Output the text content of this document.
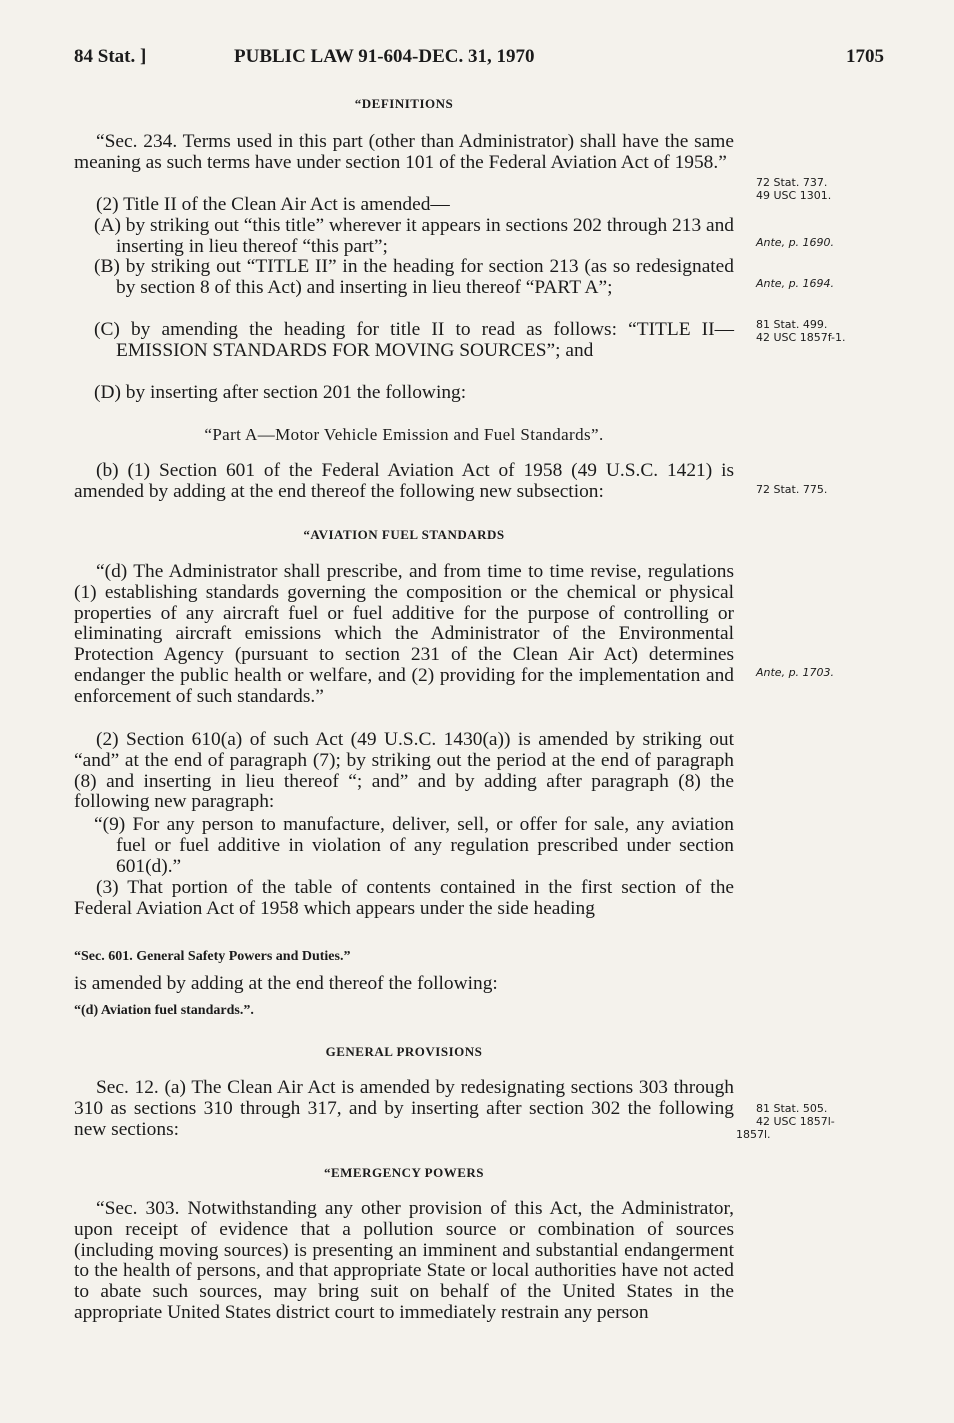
84 Stat. ]	PUBLIC LAW 91-604-DEC. 31, 1970	1705

“DEFINITIONS

“Sec. 234. Terms used in this part (other than Administrator) shall have the same meaning as such terms have under section 101 of the Federal Aviation Act of 1958.”

(2) Title II of the Clean Air Act is amended—

(A) by striking out “this title” wherever it appears in sections 202 through 213 and inserting in lieu thereof “this part”;

(B) by striking out “TITLE II” in the heading for section 213 (as so redesignated by section 8 of this Act) and inserting in lieu thereof “PART A”;

(C) by amending the heading for title II to read as follows: “TITLE II—EMISSION STANDARDS FOR MOVING SOURCES”; and

(D) by inserting after section 201 the following:

“Part A—Motor Vehicle Emission and Fuel Standards”.

(b) (1) Section 601 of the Federal Aviation Act of 1958 (49 U.S.C. 1421) is amended by adding at the end thereof the following new subsection:

“AVIATION FUEL STANDARDS

“(d) The Administrator shall prescribe, and from time to time revise, regulations (1) establishing standards governing the composition or the chemical or physical properties of any aircraft fuel or fuel additive for the purpose of controlling or eliminating aircraft emissions which the Administrator of the Environmental Protection Agency (pursuant to section 231 of the Clean Air Act) determines endanger the public health or welfare, and (2) providing for the implementation and enforcement of such standards.”

(2) Section 610(a) of such Act (49 U.S.C. 1430(a)) is amended by striking out “and” at the end of paragraph (7); by striking out the period at the end of paragraph (8) and inserting in lieu thereof “; and” and by adding after paragraph (8) the following new paragraph:

“(9) For any person to manufacture, deliver, sell, or offer for sale, any aviation fuel or fuel additive in violation of any regulation prescribed under section 601(d).”

(3) That portion of the table of contents contained in the first section of the Federal Aviation Act of 1958 which appears under the side heading

“Sec. 601. General Safety Powers and Duties.”

is amended by adding at the end thereof the following:

“(d) Aviation fuel standards.”.

GENERAL PROVISIONS

Sec. 12. (a) The Clean Air Act is amended by redesignating sections 303 through 310 as sections 310 through 317, and by inserting after section 302 the following new sections:

“EMERGENCY POWERS

“Sec. 303. Notwithstanding any other provision of this Act, the Administrator, upon receipt of evidence that a pollution source or combination of sources (including moving sources) is presenting an imminent and substantial endangerment to the health of persons, and that appropriate State or local authorities have not acted to abate such sources, may bring suit on behalf of the United States in the appropriate United States district court to immediately restrain any person

72 Stat. 737.
49 USC 1301.
Ante, p. 1690.
Ante, p. 1694.
81 Stat. 499.
42 USC 1857f-1.
72 Stat. 775.
Ante, p. 1703.
81 Stat. 505.
42 USC 1857l-
1857l.
